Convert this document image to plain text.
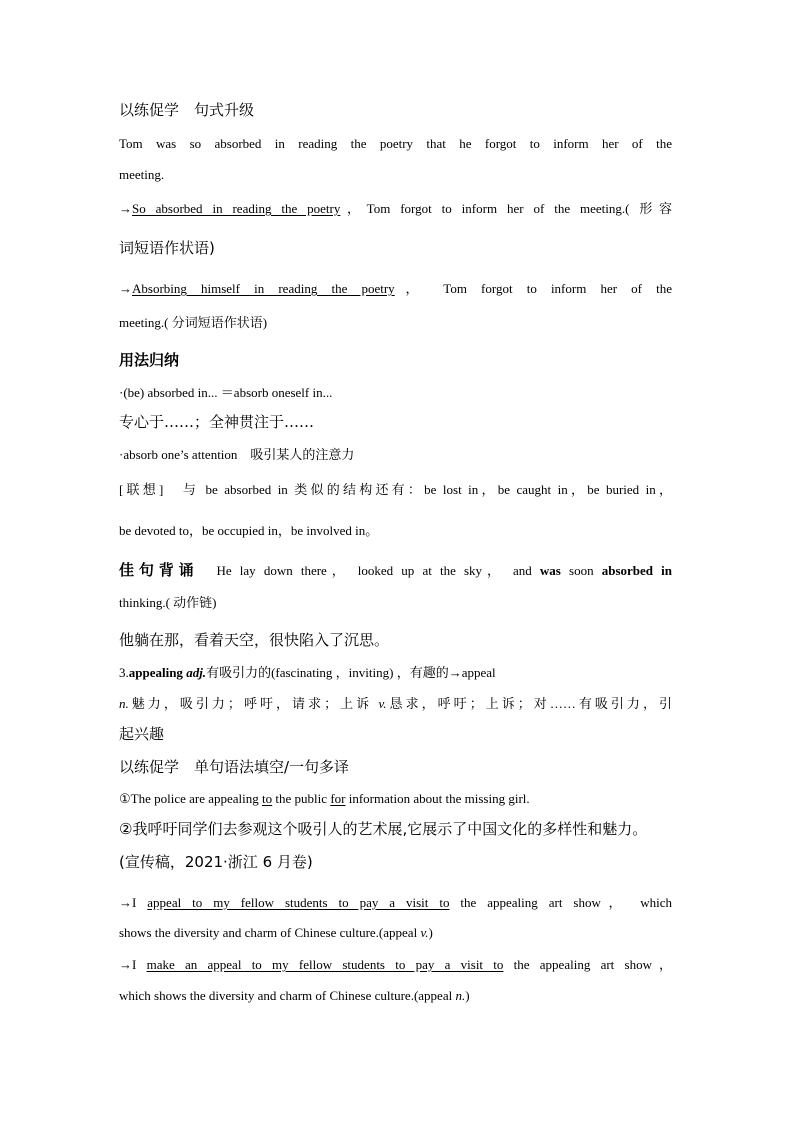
以练促学　句式升级
Tom was so absorbed in reading the poetry that he forgot to inform her of the
meeting.
→So absorbed in reading the poetry，Tom forgot to inform her of the meeting.( 形容
词短语作状语)
→Absorbing himself in reading the poetry， Tom forgot to inform her of the
meeting.( 分词短语作状语)
用法归纳
·(be) absorbed in... ＝absorb oneself in...
专心于……；全神贯注于……
·absorb one’s attention　吸引某人的注意力
[联想]　与 be absorbed in 类似的结构还有：be lost in，be caught in，be buried in，
be devoted to，be occupied in，be involved in。
佳句背诵　He lay down there， looked up at the sky， and was soon absorbed in
thinking.( 动作链)
他躺在那，看着天空，很快陷入了沉思。
3.appealing adj.有吸引力的(fascinating ，inviting) ，有趣的→appeal
n.魅力，吸引力；呼吁，请求；上诉 v.恳求，呼吁；上诉；对……有吸引力，引
起兴趣
以练促学　单句语法填空/一句多译
①The police are appealing to the public for information about the missing girl.
②我呼吁同学们去参观这个吸引人的艺术展,它展示了中国文化的多样性和魅力。
(宣传稿，2021·浙江 6 月卷)
→I appeal to my fellow students to pay a visit to the appealing art show， which
shows the diversity and charm of Chinese culture.(appeal v.)
→I make an appeal to my fellow students to pay a visit to the appealing art show，
which shows the diversity and charm of Chinese culture.(appeal n.)
